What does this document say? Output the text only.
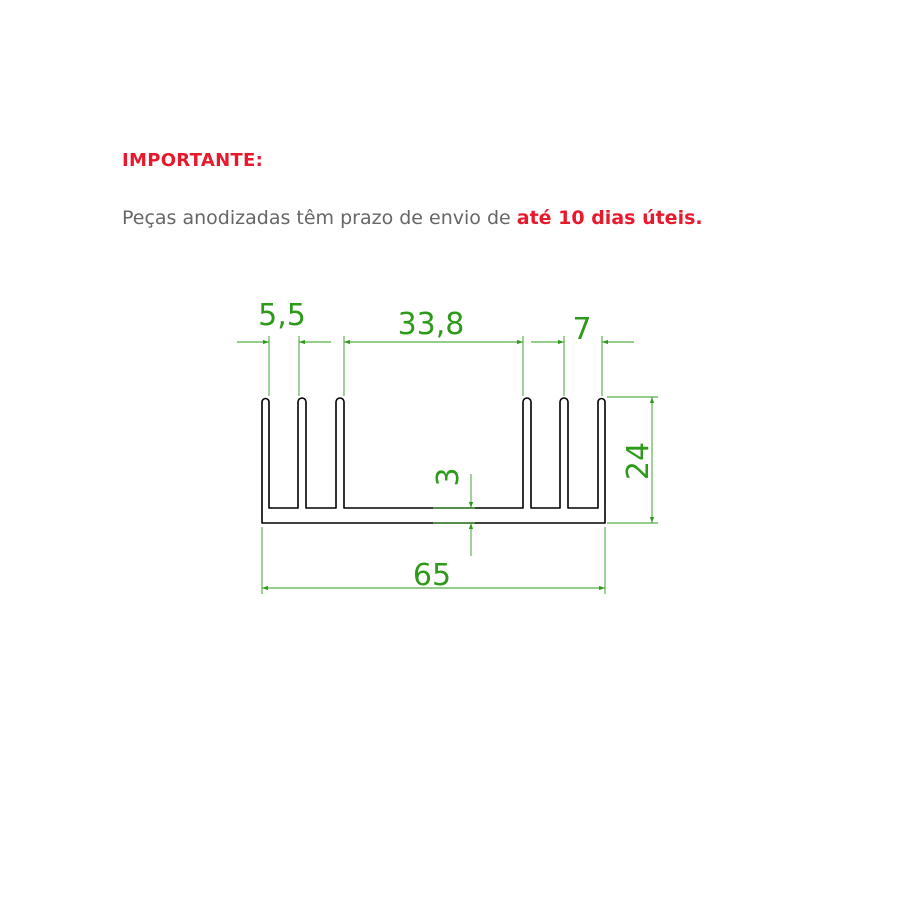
IMPORTANTE:
Peças anodizadas têm prazo de envio de até 10 dias úteis.
5,5	33,8	7
24
3
65
